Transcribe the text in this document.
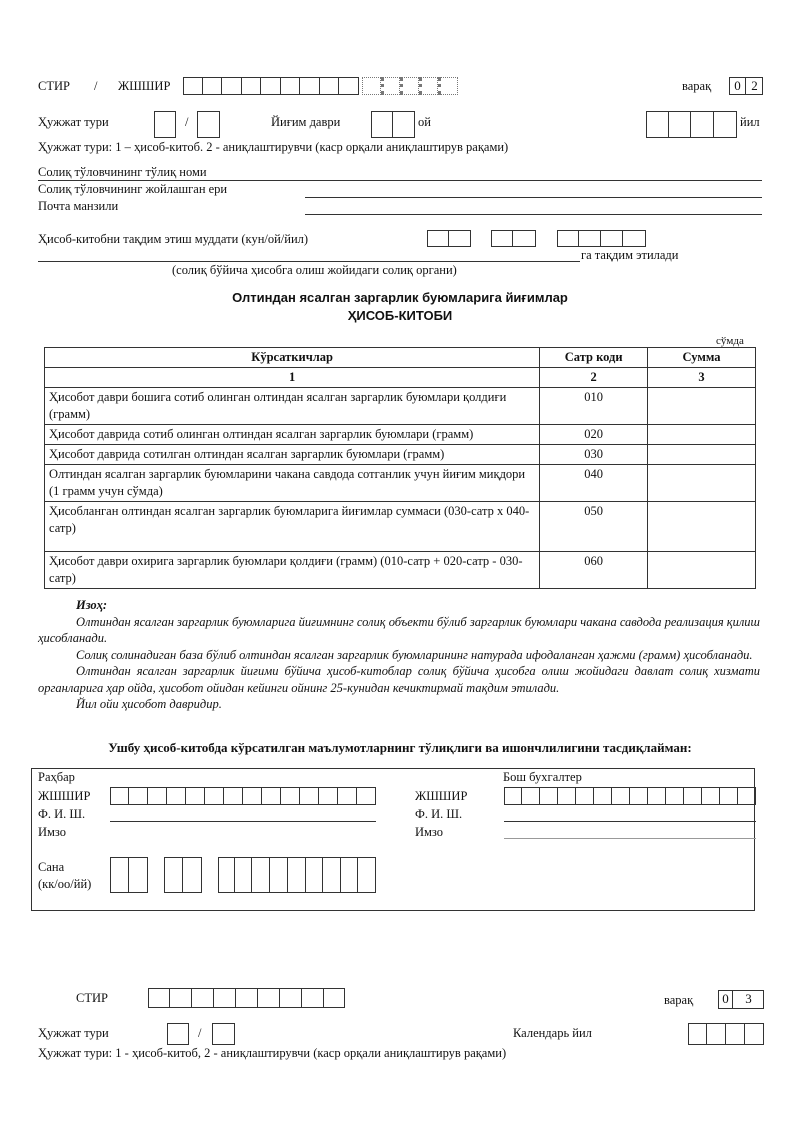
СТИР / ЖШШИР	варақ	0 2
Ҳужжат тури	/	Йиғим даври	ой	йил
Ҳужжат тури: 1 – ҳисоб-китоб. 2 - аниқлаштирувчи (каср орқали аниқлаштирув рақами)
Солиқ тўловчининг тўлиқ номи
Солиқ тўловчининг жойлашган ери
Почта манзили
Ҳисоб-китобни тақдим этиш муддати (кун/ой/йил)
га тақдим этилади
(солиқ бўйича ҳисобга олиш жойидаги солиқ органи)
Олтиндан ясалган заргарлик буюмларига йиғимлар
ҲИСОБ-КИТОБИ
сўмда
Кўрсаткичлар	Сатр коди	Сумма
1	2	3
Ҳисобот даври бошига сотиб олинган олтиндан ясалган заргарлик буюмлари қолдиғи (грамм)	010	
Ҳисобот даврида сотиб олинган олтиндан ясалган заргарлик буюмлари (грамм)	020	
Ҳисобот даврида сотилган олтиндан ясалган заргарлик буюмлари (грамм)	030	
Олтиндан ясалган заргарлик буюмларини чакана савдода сотганлик учун йиғим миқдори (1 грамм учун сўмда)	040	
Ҳисобланган олтиндан ясалган заргарлик буюмларига йиғимлар суммаси (030-сатр х 040-сатр)	050	
Ҳисобот даври охирига заргарлик буюмлари қолдиғи (грамм) (010-сатр + 020-сатр - 030-сатр)	060	

Изоҳ:

Олтиндан ясалган заргарлик буюмларига йиғимнинг солиқ объекти бўлиб заргарлик буюмлари чакана савдода реализация қилиш ҳисобланади.

Солиқ солинадиган база бўлиб олтиндан ясалган заргарлик буюмларининг натурада ифодаланган ҳажми (грамм) ҳисобланади.

Олтиндан ясалган заргарлик йиғими бўйича ҳисоб-китоблар солиқ бўйича ҳисобга олиш жойидаги давлат солиқ хизмати органларига ҳар ойда, ҳисобот ойидан кейинги ойнинг 25-кунидан кечиктирмай тақдим этилади.

Йил ойи ҳисобот давридир.

Ушбу ҳисоб-китобда кўрсатилган маълумотларнинг тўлиқлиги ва ишончлилигини тасдиқлайман:
Раҳбар	Бош бухгалтер
ЖШШИР	ЖШШИР
Ф. И. Ш.	Ф. И. Ш.
Имзо	Имзо
Сана
(кк/оо/йй)
СТИР	варақ	0	3
Ҳужжат тури	/	Календарь йил
Ҳужжат тури: 1 - ҳисоб-китоб, 2 - аниқлаштирувчи (каср орқали аниқлаштирув рақами)
